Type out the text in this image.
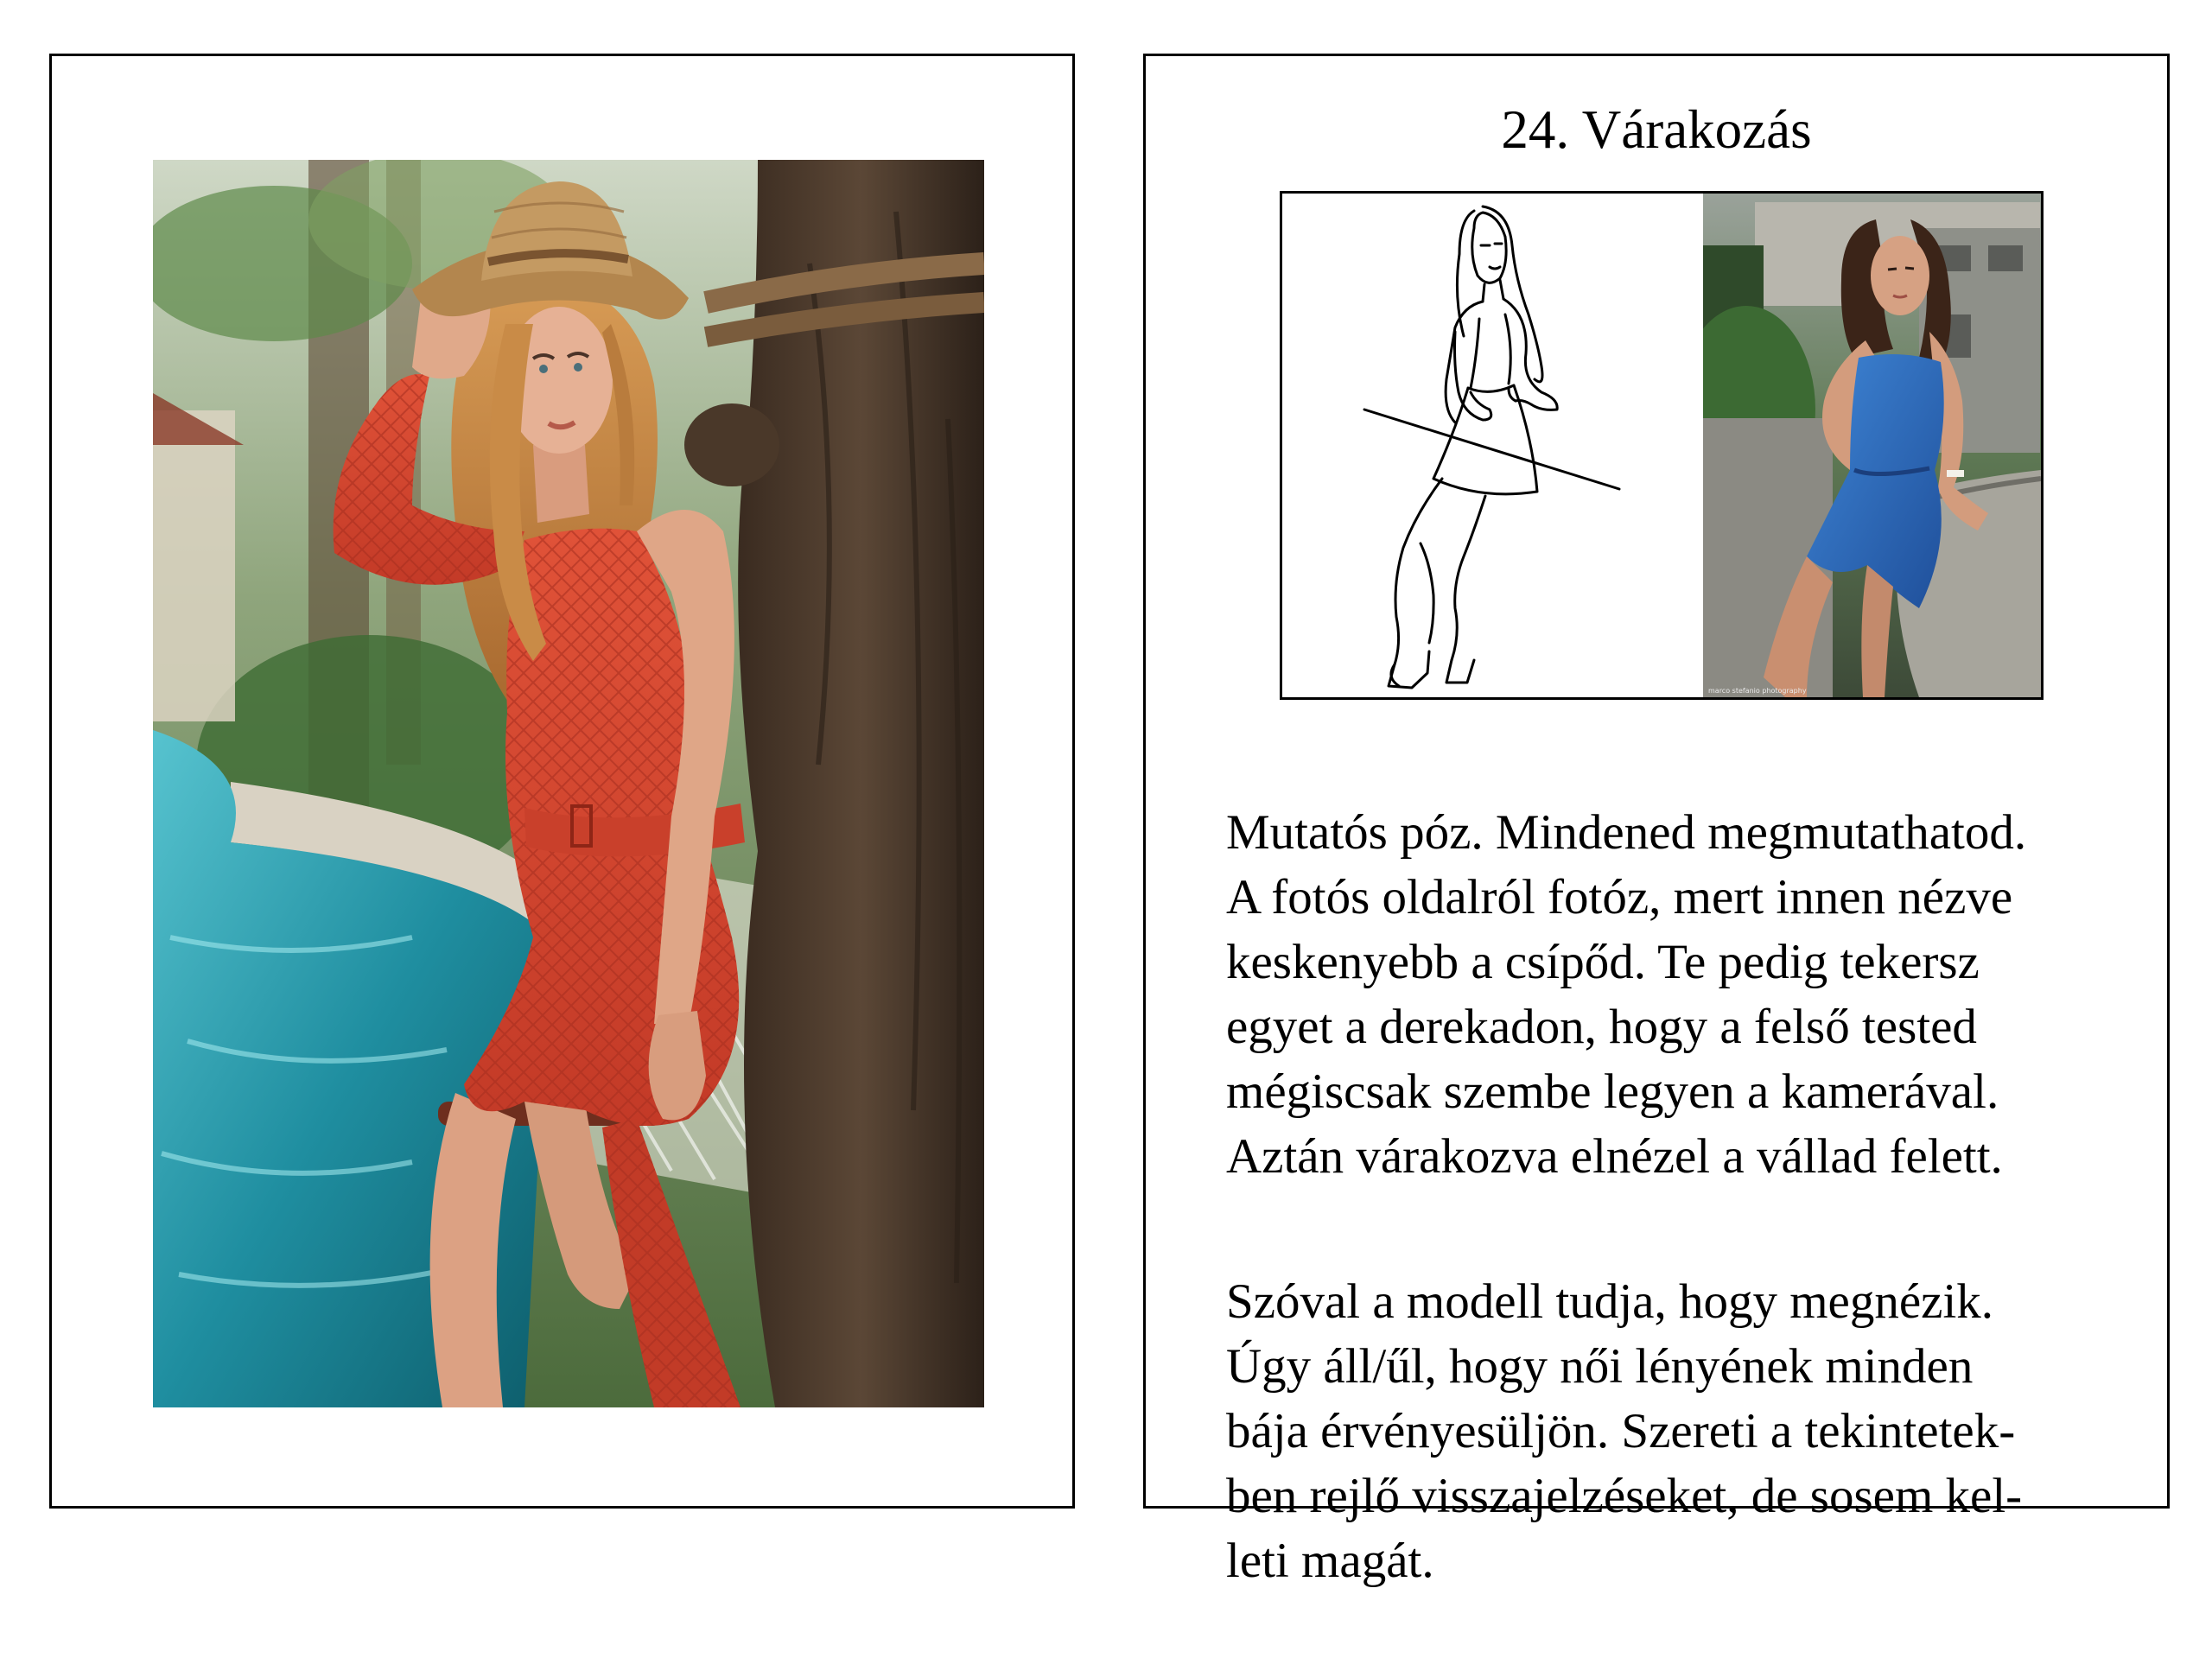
24. Várakozás
marco stefanio photography

Mutatós póz. Mindened megmutathatod.
A fotós oldalról fotóz, mert innen nézve
keskenyebb a csípőd. Te pedig tekersz
egyet a derekadon, hogy a felső tested
mégiscsak szembe legyen a kamerával.
Aztán várakozva elnézel a vállad felett.

Szóval a modell tudja, hogy megnézik.
Úgy áll/űl, hogy női lényének minden
bája érvényesüljön. Szereti a tekintetek-
ben rejlő visszajelzéseket, de sosem kel-
leti magát.
